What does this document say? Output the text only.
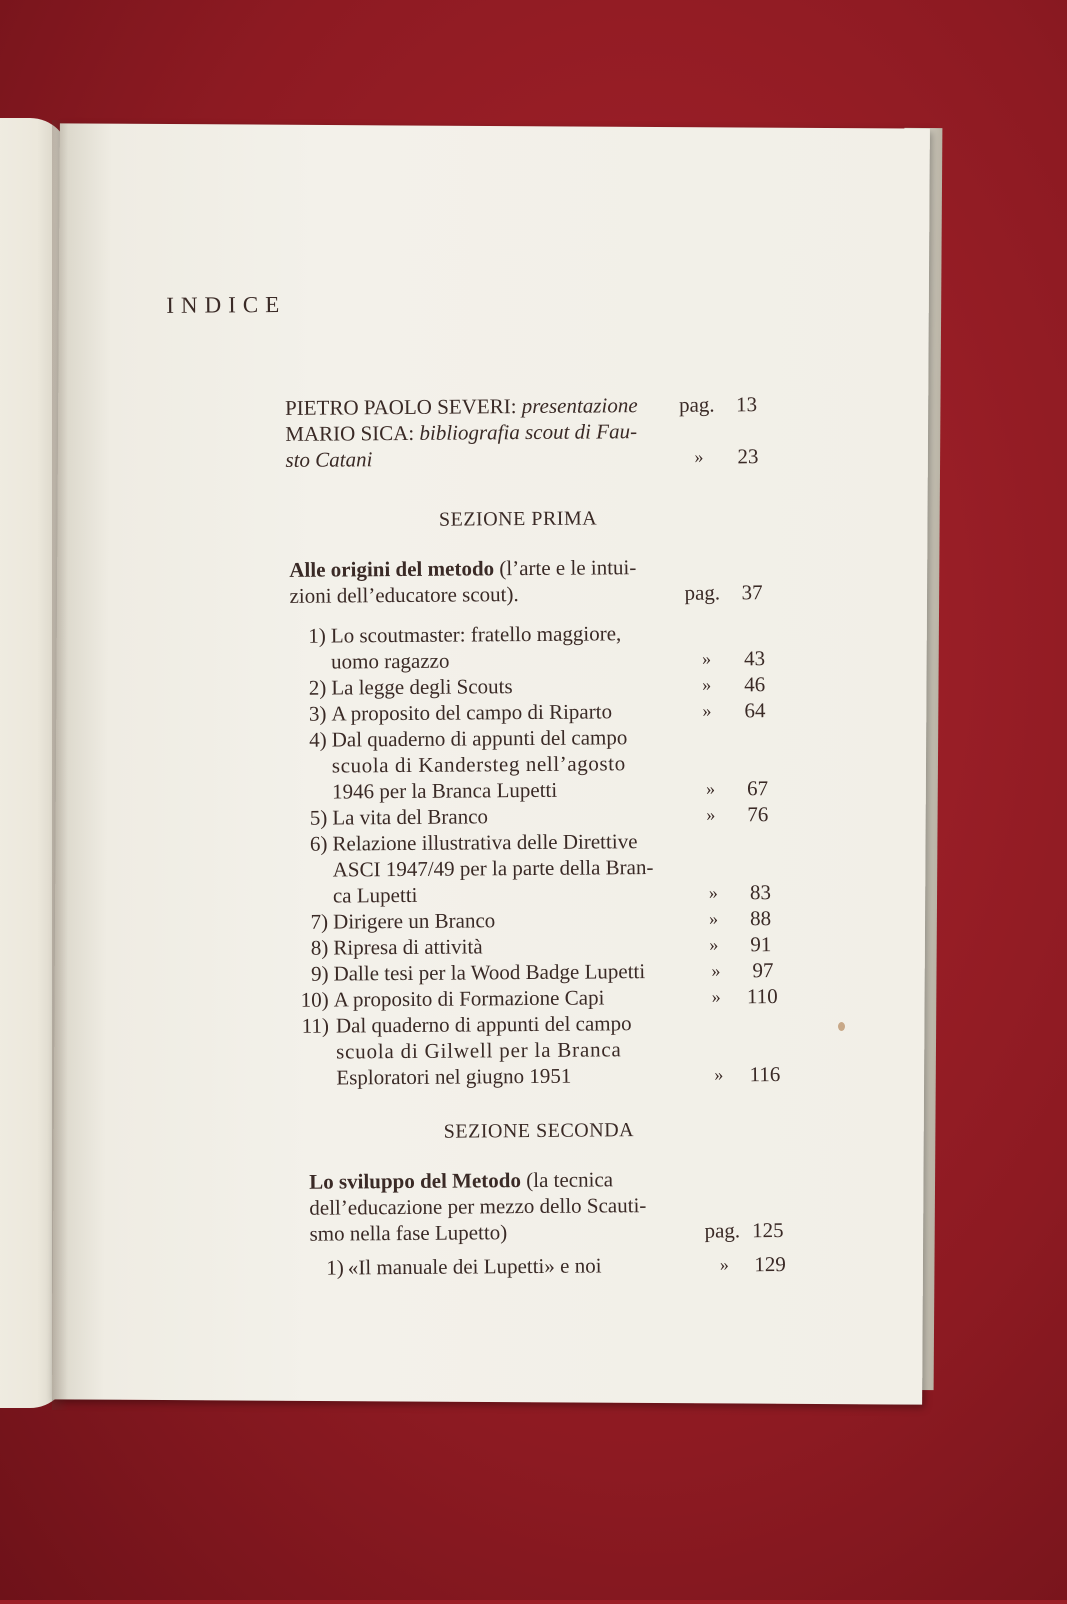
INDICE
PIETRO PAOLO SEVERI: presentazione pag.	13
MARIO SICA: bibliografia scout di Fau-
sto Catani	»	23
SEZIONE PRIMA
Alle origini del metodo (l’arte e le intui-
zioni dell’educatore scout).	pag.	37
1) Lo scoutmaster: fratello maggiore,
uomo ragazzo	»	43
2) La legge degli Scouts	»	46
3) A proposito del campo di Riparto	»	64
4) Dal quaderno di appunti del campo
scuola di Kandersteg nell’agosto
1946 per la Branca Lupetti	»	67
5) La vita del Branco	»	76
6) Relazione illustrativa delle Direttive
ASCI 1947/49 per la parte della Bran-
ca Lupetti	»	83
7) Dirigere un Branco	»	88
8) Ripresa di attività	»	91
9) Dalle tesi per la Wood Badge Lupetti	»	97
10) A proposito di Formazione Capi	»	110
11) Dal quaderno di appunti del campo
scuola di Gilwell per la Branca
Esploratori nel giugno 1951	»	116
SEZIONE SECONDA
Lo sviluppo del Metodo (la tecnica
dell’educazione per mezzo dello Scauti-
smo nella fase Lupetto)	pag. 125
1) «Il manuale dei Lupetti» e noi	»	129
